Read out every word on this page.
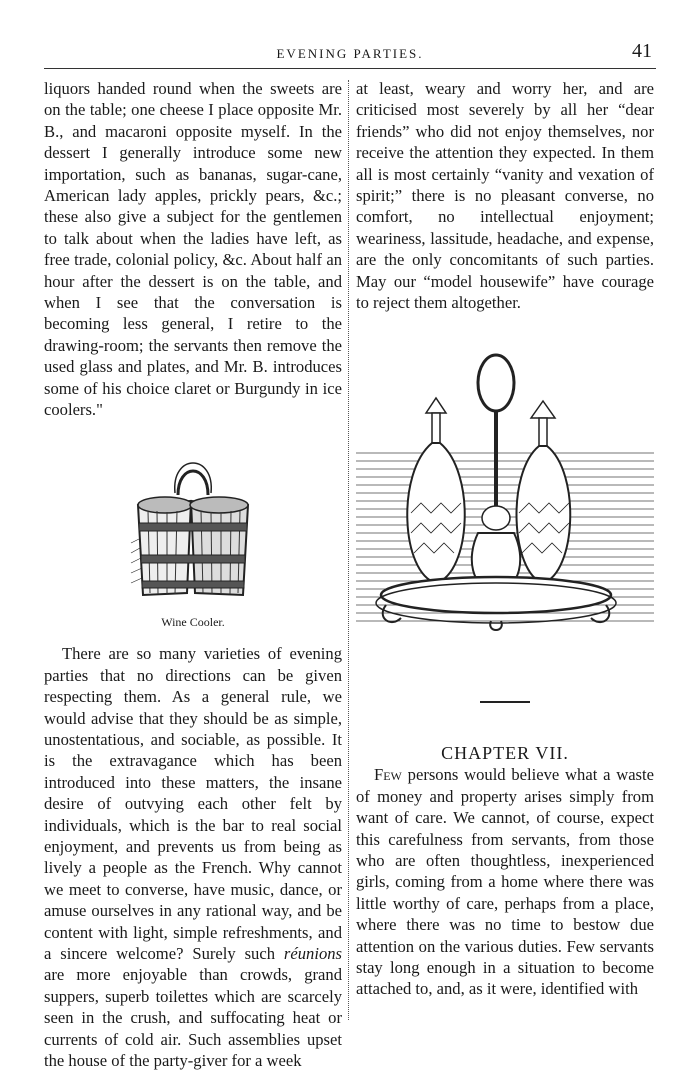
EVENING PARTIES.	41

liquors handed round when the sweets are on the table; one cheese I place opposite Mr. B., and macaroni opposite myself. In the dessert I generally introduce some new importation, such as bananas, sugar-cane, American lady apples, prickly pears, &c.; these also give a subject for the gentlemen to talk about when the ladies have left, as free trade, colonial policy, &c. About half an hour after the dessert is on the table, and when I see that the conversation is becoming less general, I retire to the drawing-room; the servants then remove the used glass and plates, and Mr. B. introduces some of his choice claret or Burgundy in ice coolers."

Wine Cooler.

There are so many varieties of evening parties that no directions can be given respecting them. As a general rule, we would advise that they should be as simple, unostentatious, and sociable, as possible. It is the extravagance which has been introduced into these matters, the insane desire of outvying each other felt by individuals, which is the bar to real social enjoyment, and prevents us from being as lively a people as the French. Why cannot we meet to converse, have music, dance, or amuse ourselves in any rational way, and be content with light, simple refreshments, and a sincere welcome? Surely such réunions are more enjoyable than crowds, grand suppers, superb toilettes which are scarcely seen in the crush, and suffocating heat or currents of cold air. Such assemblies upset the house of the party-giver for a week

at least, weary and worry her, and are criticised most severely by all her “dear friends” who did not enjoy themselves, nor receive the attention they expected. In them all is most certainly “vanity and vexation of spirit;” there is no pleasant converse, no comfort, no intellectual enjoyment; weariness, lassitude, headache, and expense, are the only concomitants of such parties. May our “model housewife” have courage to reject them altogether.

CHAPTER VII.

Few persons would believe what a waste of money and property arises simply from want of care. We cannot, of course, expect this carefulness from servants, from those who are often thoughtless, inexperienced girls, coming from a home where there was little worthy of care, perhaps from a place, where there was no time to bestow due attention on the various duties. Few servants stay long enough in a situation to become attached to, and, as it were, identified with
